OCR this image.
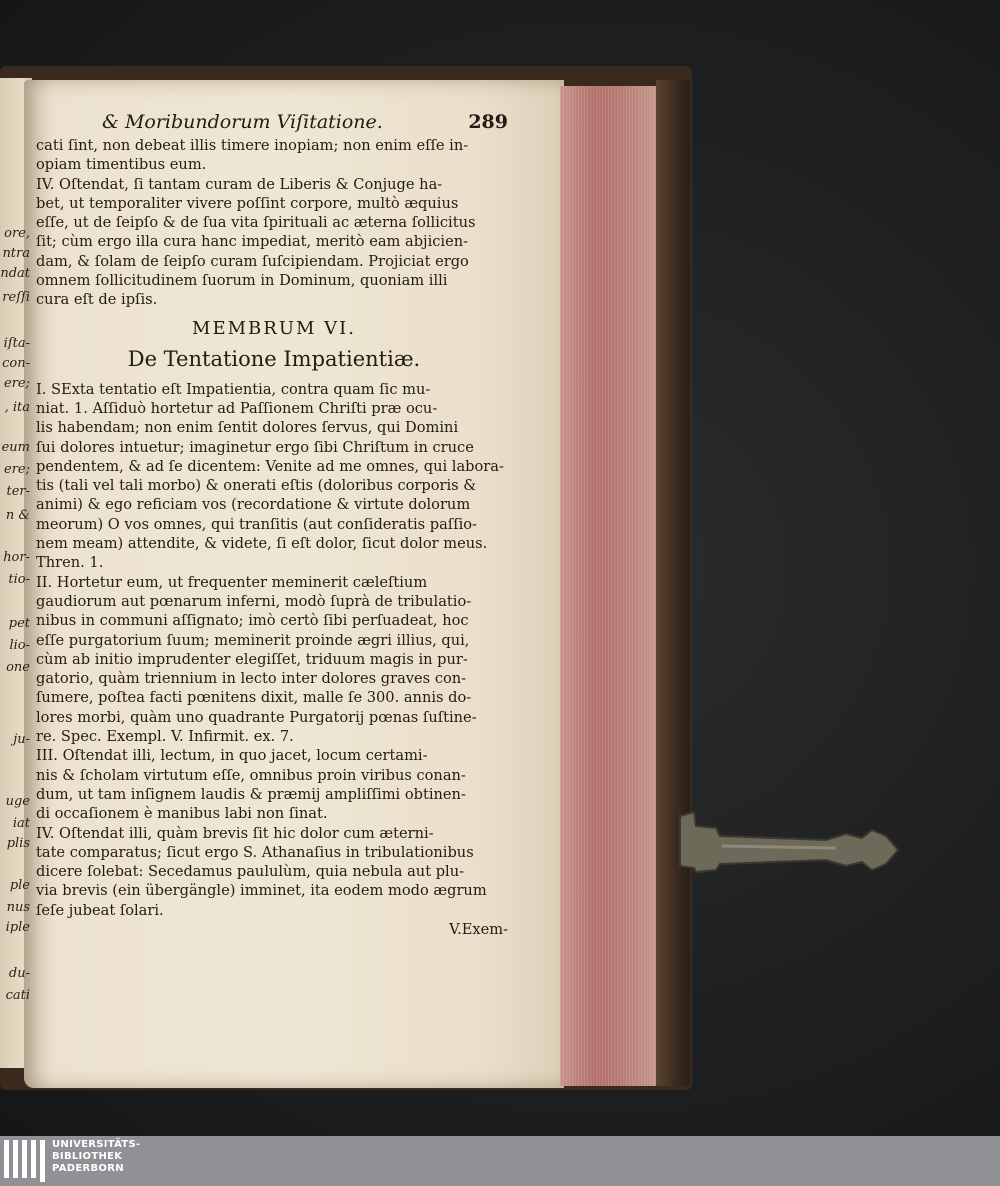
ore,
ntra
ndat
reſſi
iſta-
con-
ere;
, ita
eum
ere;
ter-
n &
hor-
tio-
pet
lio-
one
ju-
uge
iat
plis
ple
nus
iple
du-
cati
& Moribundorum Viſitatione.	289
cati ſint, non debeat illis timere inopiam; non enim eſſe in-
opiam timentibus eum.
IV. Oſtendat, ſi tantam curam de Liberis & Conjuge ha-
bet, ut temporaliter vivere poſſint corpore, multò æquius
eſſe, ut de ſeipſo & de ſua vita ſpirituali ac æterna ſollicitus
ſit; cùm ergo illa cura hanc impediat, meritò eam abjicien-
dam, & ſolam de ſeipſo curam ſuſcipiendam. Projiciat ergo
omnem ſollicitudinem ſuorum in Dominum, quoniam illi
cura eſt de ipſis.
MEMBRUM VI.
De Tentatione Impatientiæ.
I. SExta tentatio eſt Impatientia, contra quam ſic mu-
niat. 1. Aſſiduò hortetur ad Paſſionem Chriſti præ ocu-
lis habendam; non enim ſentit dolores ſervus, qui Domini
ſui dolores intuetur; imaginetur ergo ſibi Chriſtum in cruce
pendentem, & ad ſe dicentem: Venite ad me omnes, qui labora-
tis (tali vel tali morbo) & onerati eſtis (doloribus corporis &
animi) & ego reficiam vos (recordatione & virtute dolorum
meorum) O vos omnes, qui tranſitis (aut conſideratis paſſio-
nem meam) attendite, & videte, ſi eſt dolor, ſicut dolor meus.
Thren. 1.
II. Hortetur eum, ut frequenter meminerit cæleſtium
gaudiorum aut pœnarum inferni, modò ſuprà de tribulatio-
nibus in communi aſſignato; imò certò ſibi perſuadeat, hoc
eſſe purgatorium ſuum; meminerit proinde ægri illius, qui,
cùm ab initio imprudenter elegiſſet, triduum magis in pur-
gatorio, quàm triennium in lecto inter dolores graves con-
ſumere, poſtea facti pœnitens dixit, malle ſe 300. annis do-
lores morbi, quàm uno quadrante Purgatorij pœnas ſuſtine-
re. Spec. Exempl. V. Infirmit. ex. 7.
III. Oſtendat illi, lectum, in quo jacet, locum certami-
nis & ſcholam virtutum eſſe, omnibus proin viribus conan-
dum, ut tam inſignem laudis & præmij ampliſſimi obtinen-
di occaſionem è manibus labi non ſinat.
IV. Oſtendat illi, quàm brevis ſit hic dolor cum æterni-
tate comparatus; ſicut ergo S. Athanaſius in tribulationibus
dicere ſolebat: Secedamus paululùm, quia nebula aut plu-
via brevis (ein übergängle) imminet, ita eodem modo ægrum
ſeſe jubeat ſolari.
V.Exem-
UNIVERSITÄTS-
BIBLIOTHEK
PADERBORN
